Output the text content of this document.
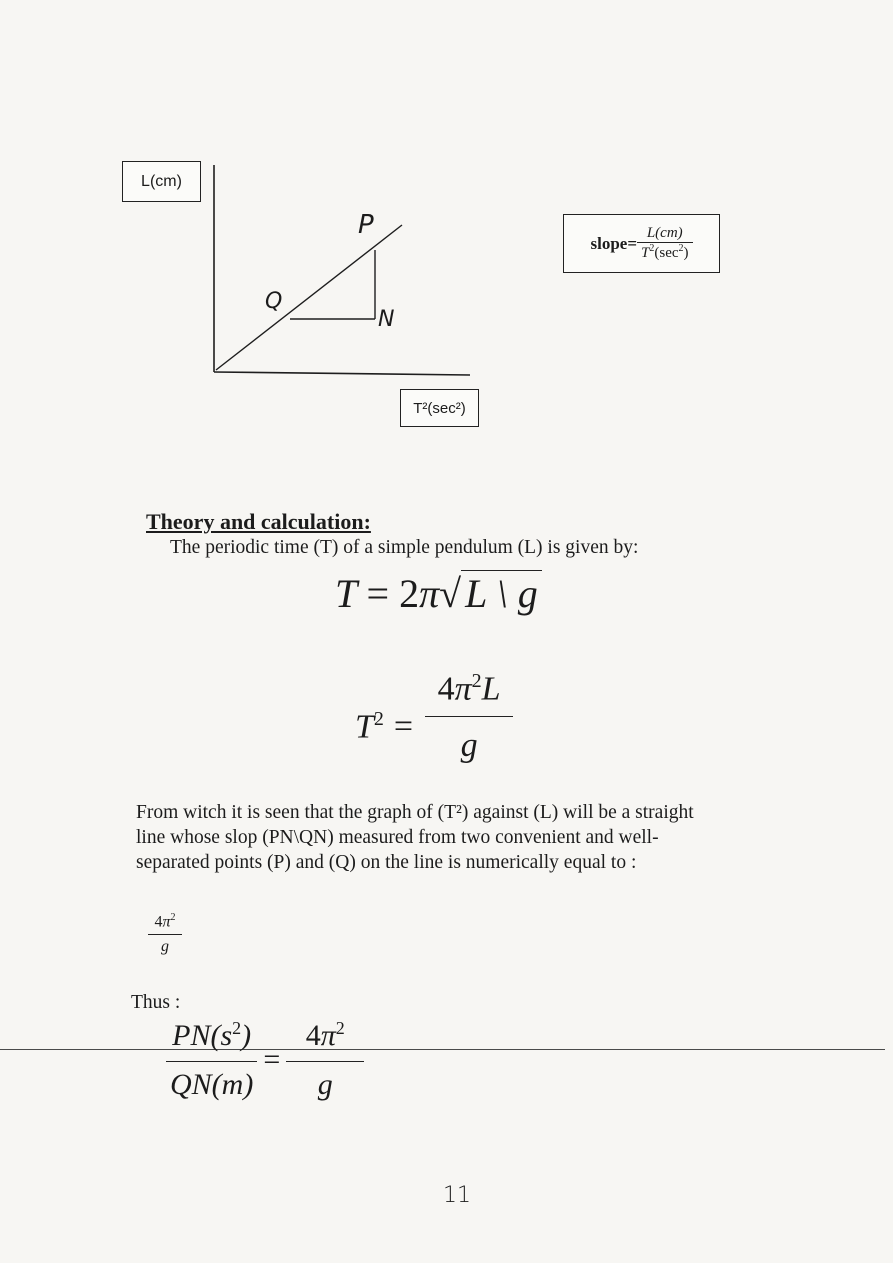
P
Q
N
L(cm)
T²(sec²)
slope= $\frac{L(cm)}{T^2(\sec^2)}$
Theory and calculation:
The periodic time (T) of a simple pendulum (L) is given by:
T = 2π√ L \ g
$T^2 = \frac{4\pi^2L}{g}$
From witch it is seen that the graph of (T²) against (L) will be a straight
line whose slop (PN\QN) measured from two convenient and well-
separated points (P) and (Q) on the line is numerically equal to :
$\frac{4\pi^2}{g}$
Thus :
$\frac{PN(s^2)}{QN(m)} = \frac{4\pi^2}{g}$
11
